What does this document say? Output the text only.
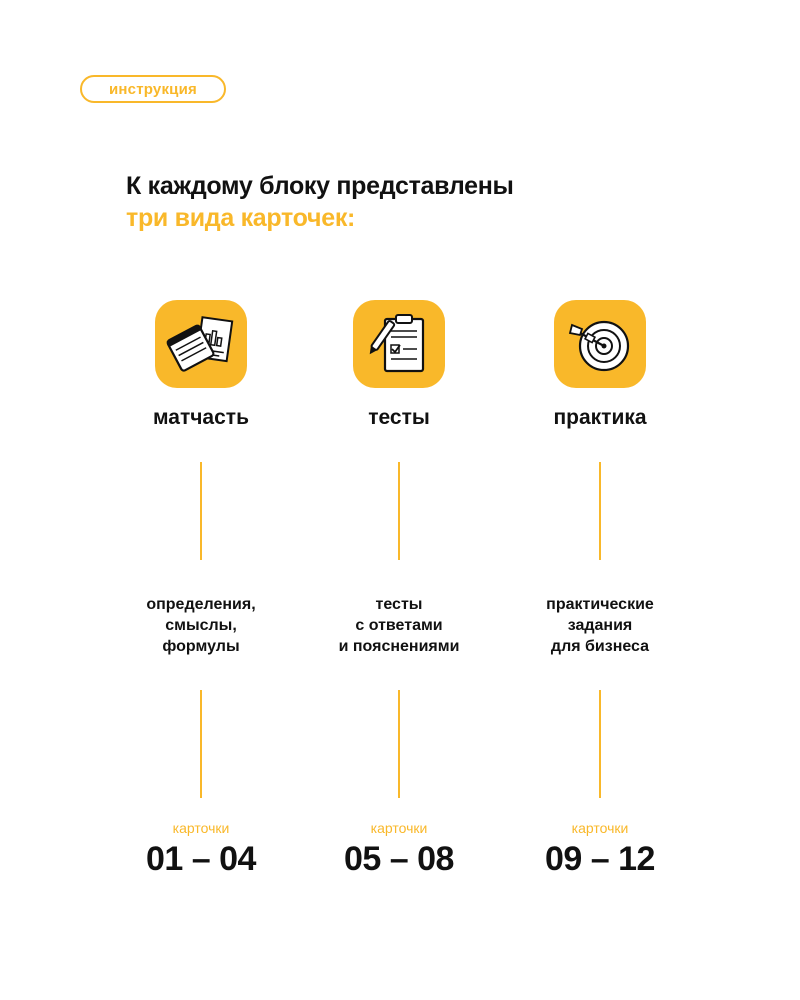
инструкция
К каждому блоку представлены
три вида карточек:
матчасть
определения,
смыслы,
формулы
карточки
01 – 04
тесты
тесты
с ответами
и пояснениями
карточки
05 – 08
практика
практические
задания
для бизнеса
карточки
09 – 12
